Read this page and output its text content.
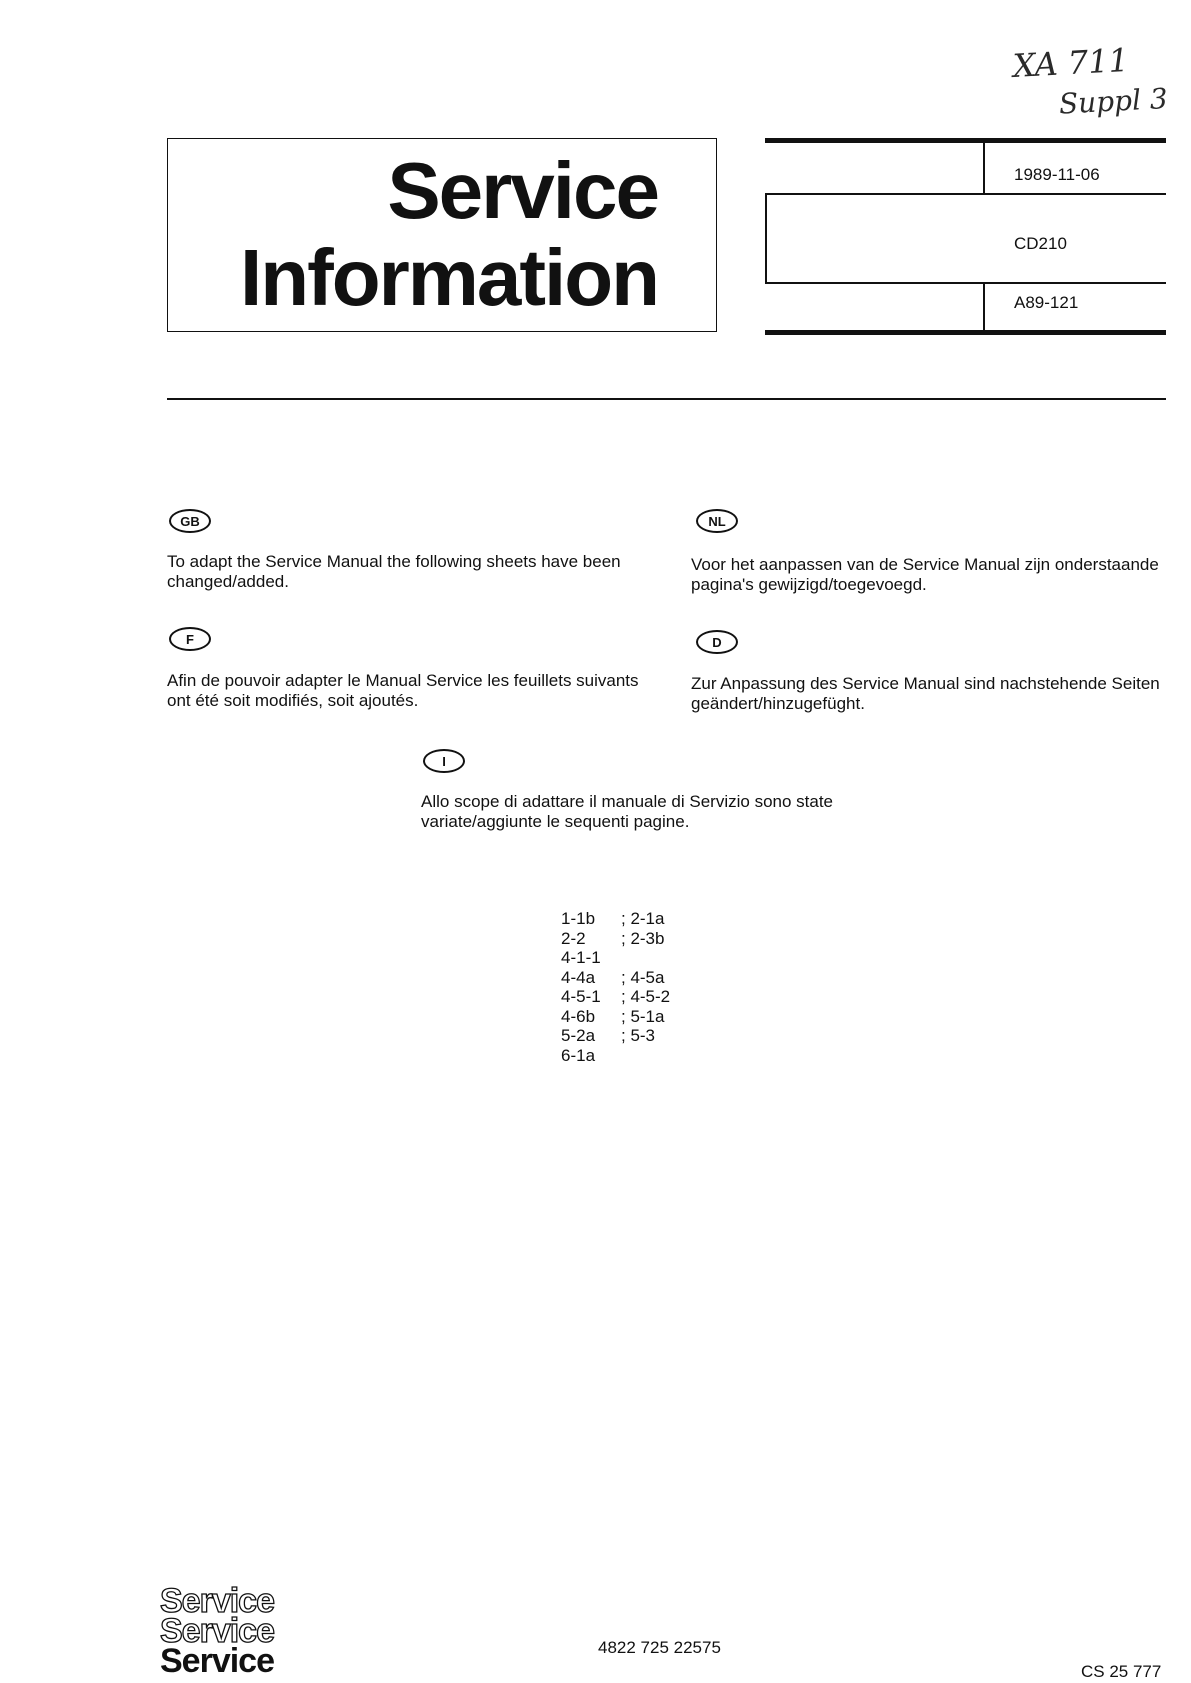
XA 711
Suppl 3
Service
Information
1989-11-06
CD210
A89-121
GB
To adapt the Service Manual the following sheets have been changed/added.
NL
Voor het aanpassen van de Service Manual zijn onderstaande pagina's gewijzigd/toegevoegd.
F
Afin de pouvoir adapter le Manual Service les feuillets suivants ont été soit modifiés, soit ajoutés.
D
Zur Anpassung des Service Manual sind nachstehende Seiten geändert/hinzugefüght.
I
Allo scope di adattare il manuale di Servizio sono state variate/aggiunte le sequenti pagine.
1-1b	; 2-1a
2-2	; 2-3b
4-1-1
4-4a	; 4-5a
4-5-1	; 4-5-2
4-6b	; 5-1a
5-2a	; 5-3
6-1a
Service
Service
Service	4822 725 22575
CS 25 777
